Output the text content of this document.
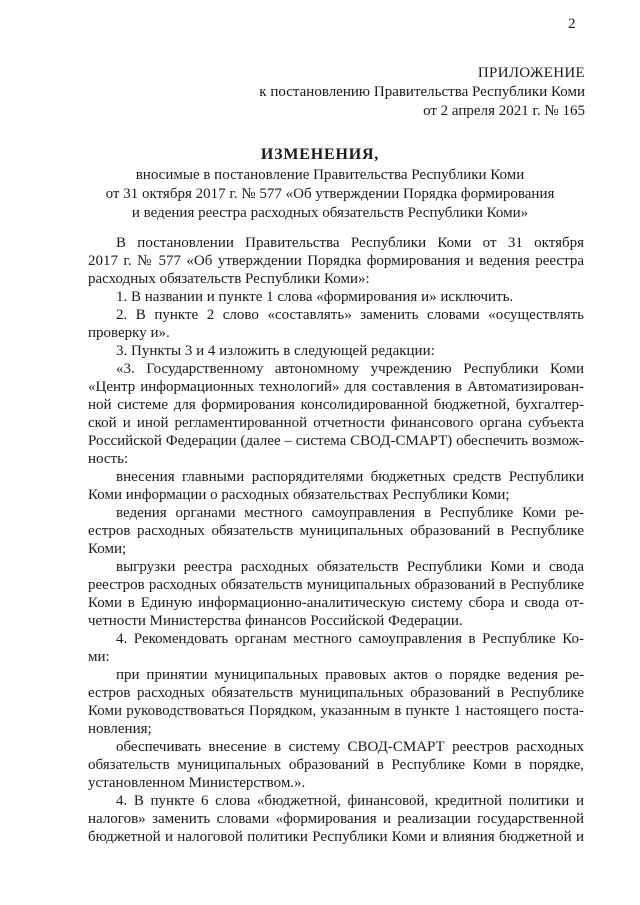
2
ПРИЛОЖЕНИЕ
к постановлению Правительства Республики Коми
от 2 апреля 2021 г. № 165
ИЗМЕНЕНИЯ,
вносимые в постановление Правительства Республики Коми
от 31 октября 2017 г. № 577 «Об утверждении Порядка формирования
и ведения реестра расходных обязательств Республики Коми»
В постановлении Правительства Республики Коми от 31 октября
2017 г. № 577 «Об утверждении Порядка формирования и ведения реестра
расходных обязательств Республики Коми»:
1. В названии и пункте 1 слова «формирования и» исключить.
2. В пункте 2 слово «составлять» заменить словами «осуществлять
проверку и».
3. Пункты 3 и 4 изложить в следующей редакции:
«3. Государственному автономному учреждению Республики Коми
«Центр информационных технологий» для составления в Автоматизирован-
ной системе для формирования консолидированной бюджетной, бухгалтер-
ской и иной регламентированной отчетности финансового органа субъекта
Российской Федерации (далее – система СВОД-СМАРТ) обеспечить возмож-
ность:
внесения главными распорядителями бюджетных средств Республики
Коми информации о расходных обязательствах Республики Коми;
ведения органами местного самоуправления в Республике Коми ре-
естров расходных обязательств муниципальных образований в Республике
Коми;
выгрузки реестра расходных обязательств Республики Коми и свода
реестров расходных обязательств муниципальных образований в Республике
Коми в Единую информационно-аналитическую систему сбора и свода от-
четности Министерства финансов Российской Федерации.
4. Рекомендовать органам местного самоуправления в Республике Ко-
ми:
при принятии муниципальных правовых актов о порядке ведения ре-
естров расходных обязательств муниципальных образований в Республике
Коми руководствоваться Порядком, указанным в пункте 1 настоящего поста-
новления;
обеспечивать внесение в систему СВОД-СМАРТ реестров расходных
обязательств муниципальных образований в Республике Коми в порядке,
установленном Министерством.».
4. В пункте 6 слова «бюджетной, финансовой, кредитной политики и
налогов» заменить словами «формирования и реализации государственной
бюджетной и налоговой политики Республики Коми и влияния бюджетной и
